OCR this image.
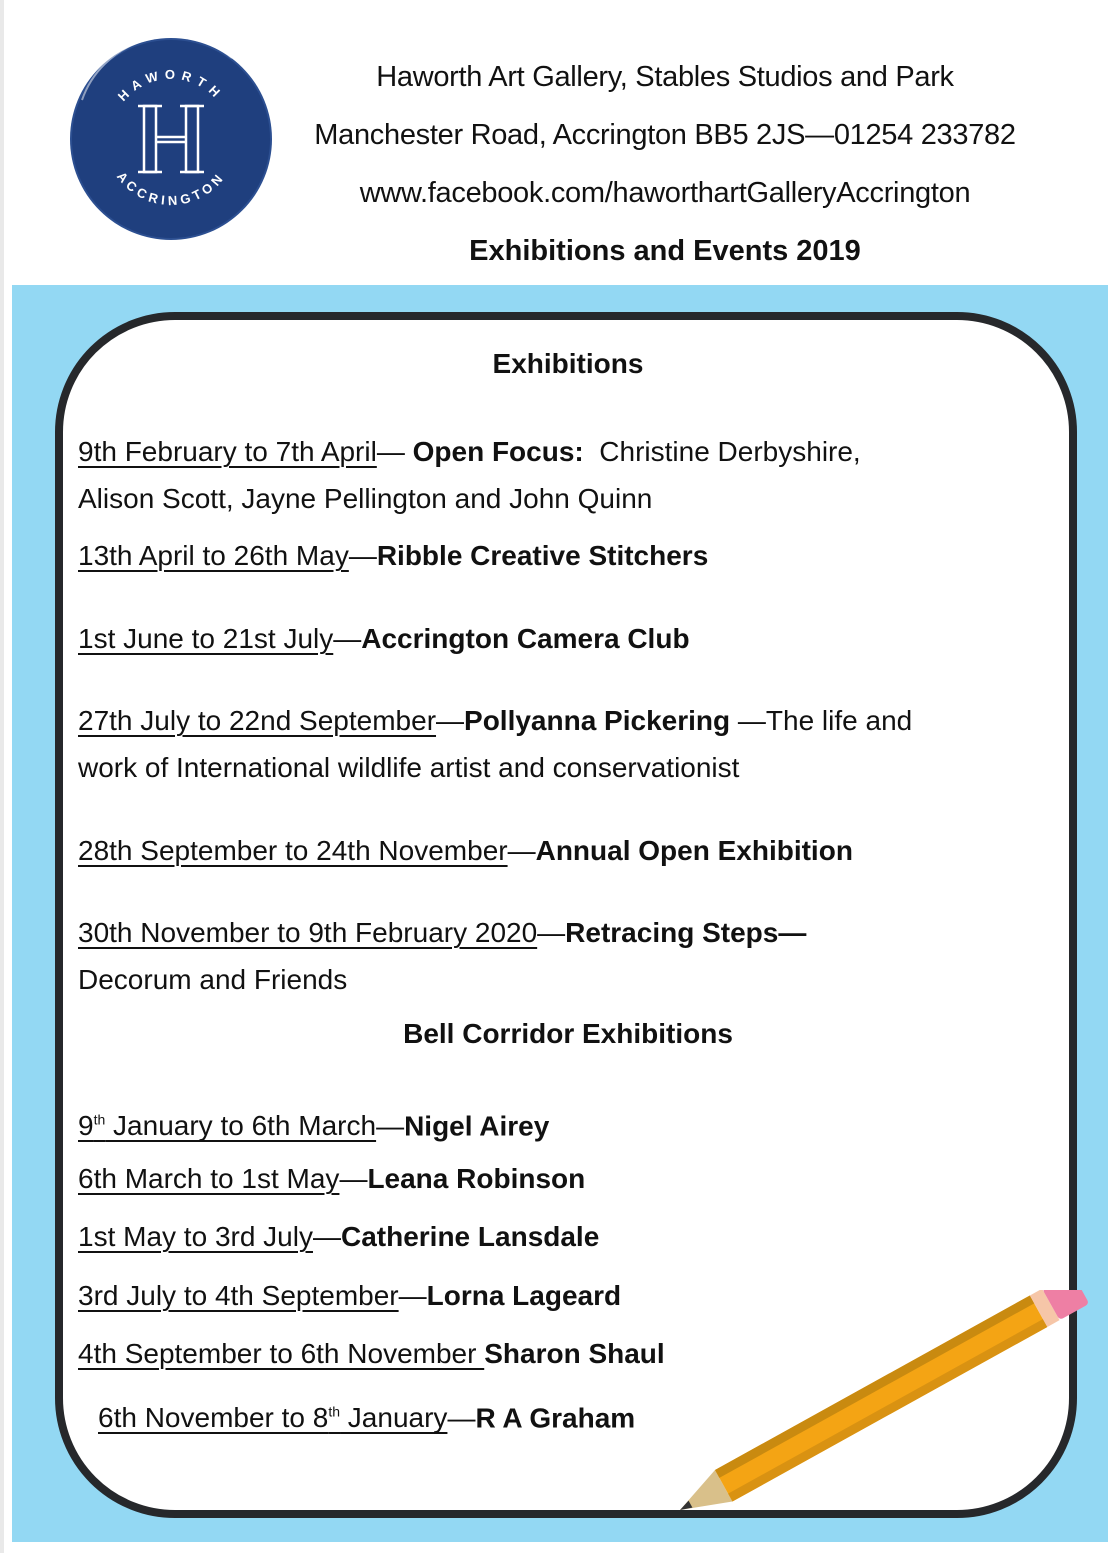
HAWORTH
ACCRINGTON
Haworth Art Gallery, Stables Studios and Park
Manchester Road, Accrington BB5 2JS—01254 233782
www.facebook.com/haworthartGalleryAccrington
Exhibitions and Events 2019
Exhibitions
9th February to 7th April— Open Focus:  Christine Derbyshire,
Alison Scott, Jayne Pellington and John Quinn
13th April to 26th May—Ribble Creative Stitchers
1st June to 21st July—Accrington Camera Club
27th July to 22nd September—Pollyanna Pickering —The life and
work of International wildlife artist and conservationist
28th September to 24th November—Annual Open Exhibition
30th November to 9th February 2020—Retracing Steps—
Decorum and Friends
Bell Corridor Exhibitions
9th January to 6th March—Nigel Airey
6th March to 1st May—Leana Robinson
1st May to 3rd July—Catherine Lansdale
3rd July to 4th September—Lorna Lageard
4th September to 6th November Sharon Shaul
6th November to 8th January—R A Graham
